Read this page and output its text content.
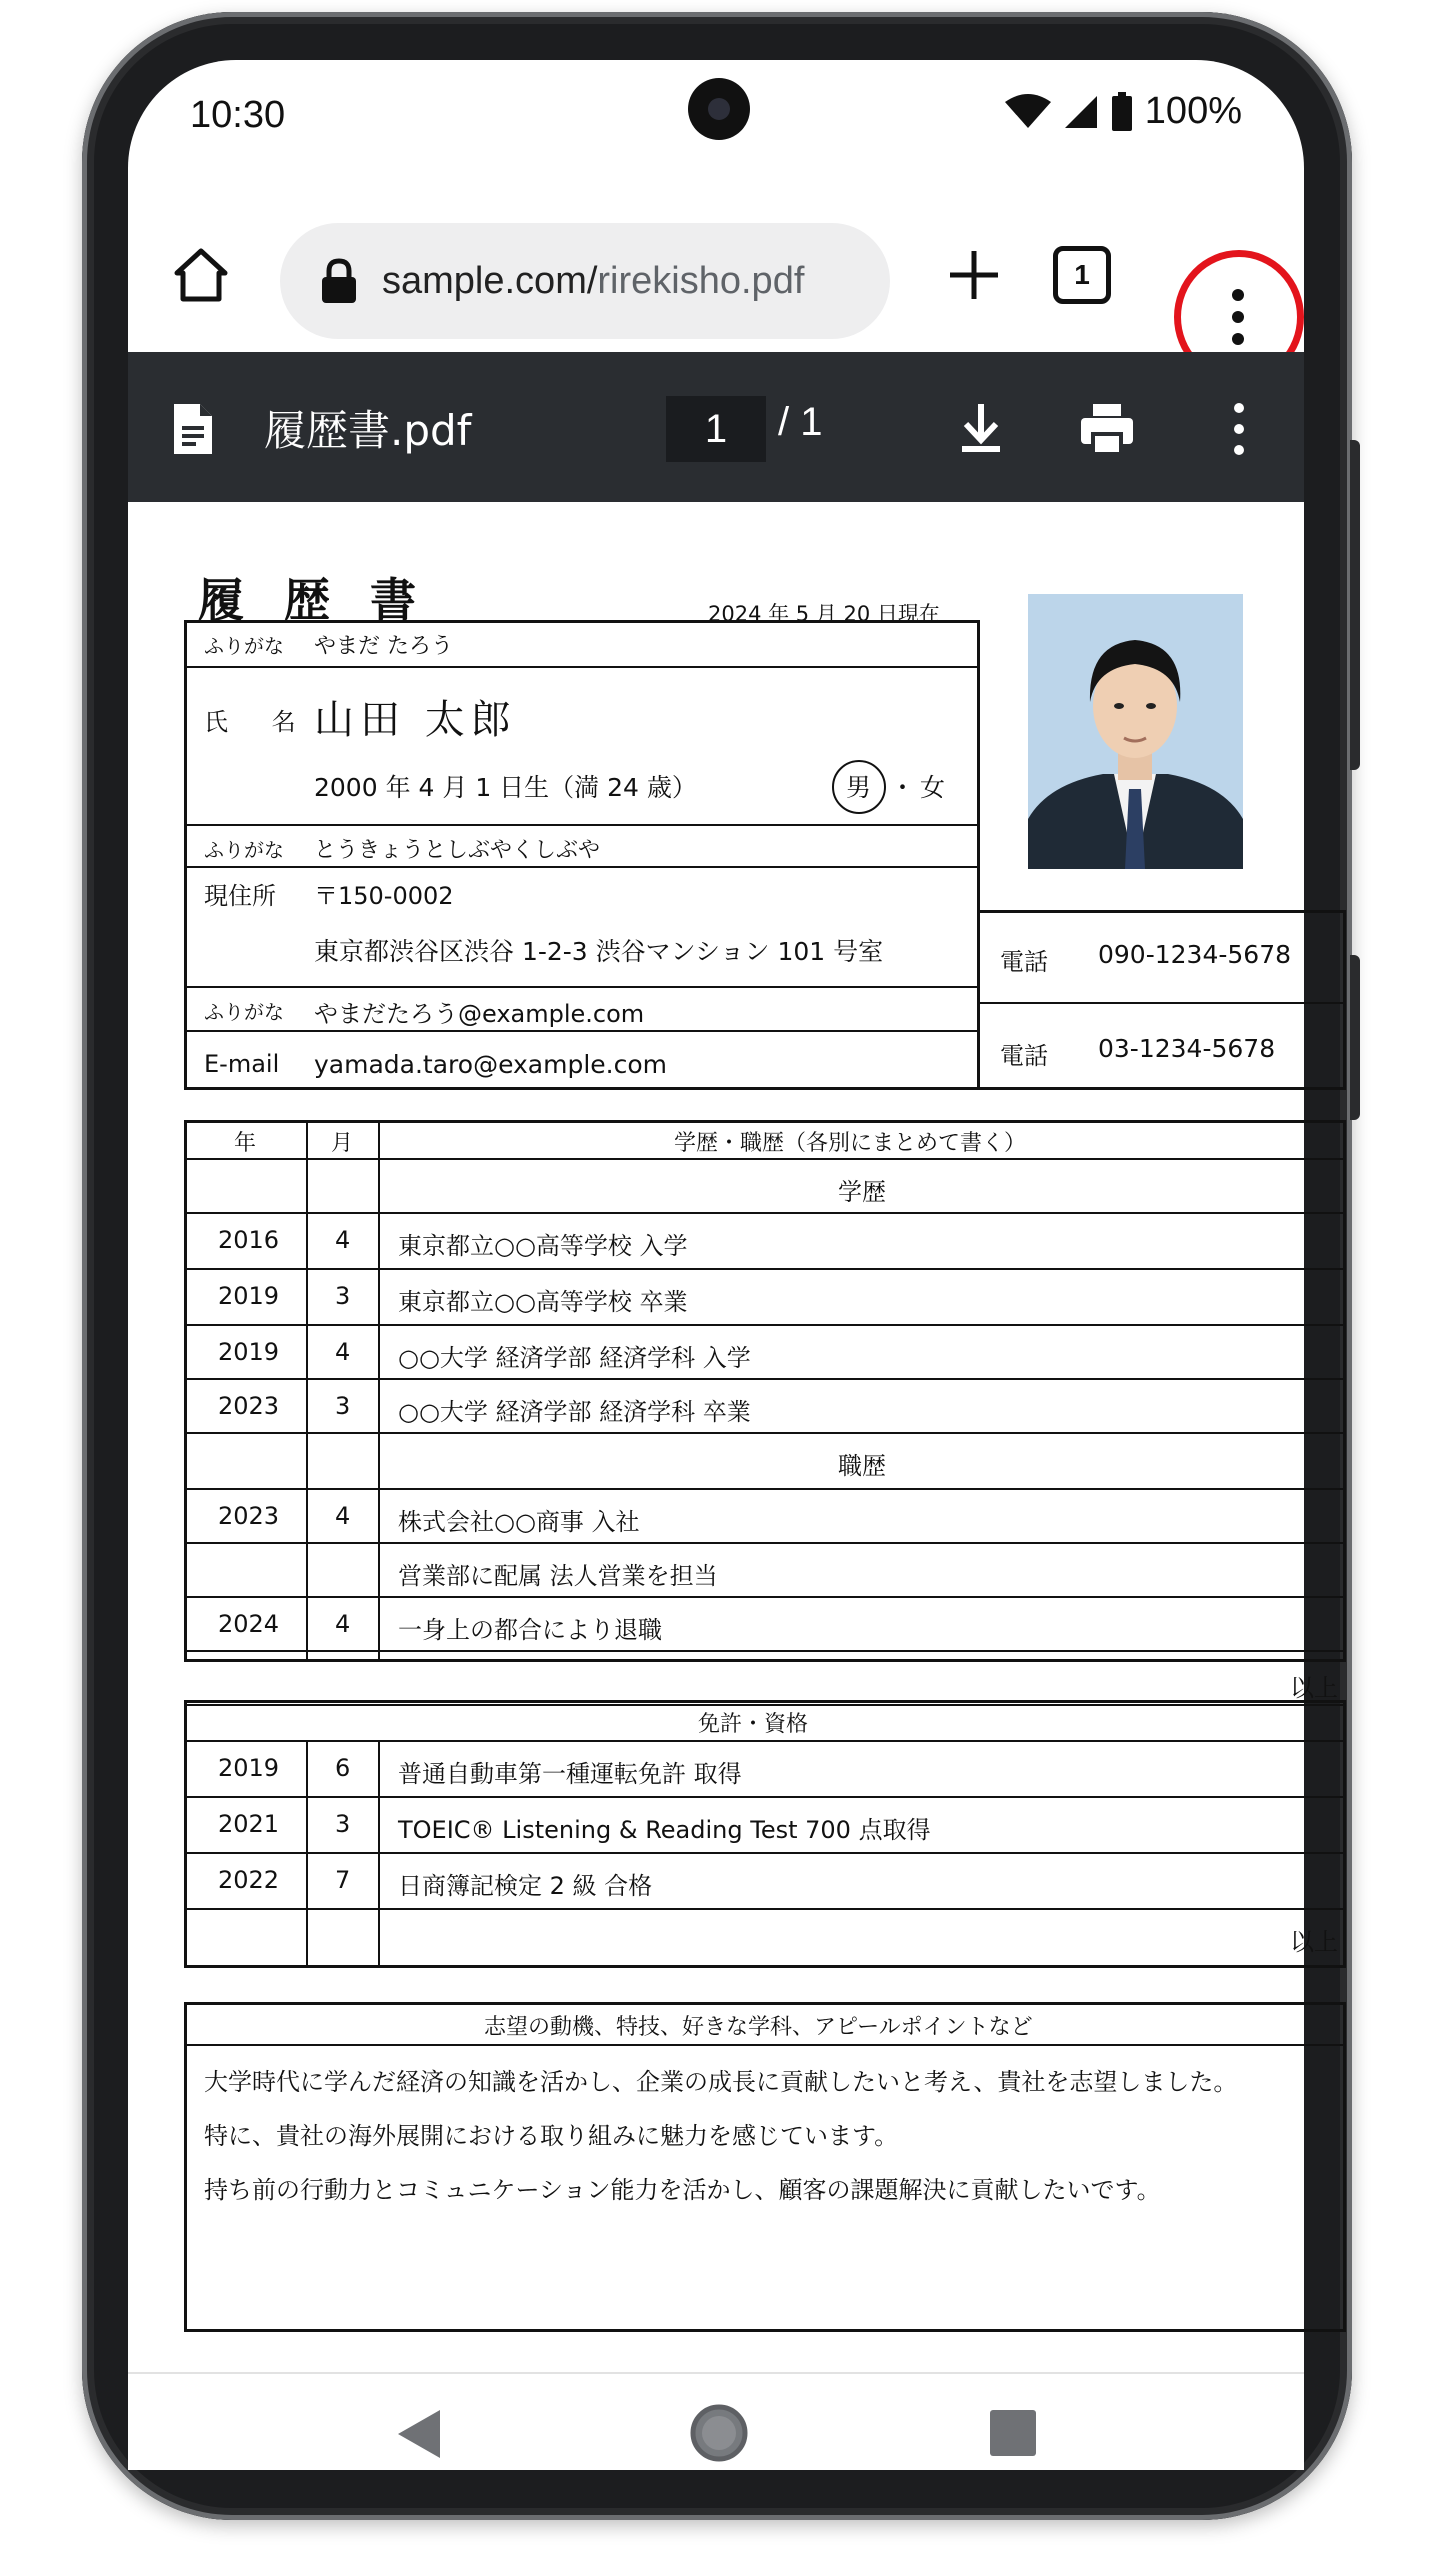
10:30	100%
sample.com/rirekisho.pdf	1
履歴書.pdf	1	/ 1
履 歴 書	2024 年 5 月 20 日現在
ふりがな やまだ たろう
氏 名 山田 太郎
2000 年 4 月 1 日生（満 24 歳）	男 ・ 女
ふりがな とうきょうとしぶやくしぶや
現住所 〒150-0002
東京都渋谷区渋谷 1-2-3 渋谷マンション 101 号室
ふりがな やまだたろう@example.com
E-mail yamada.taro@example.com
電話 090-1234-5678
電話 03-1234-5678
年	月	学歴・職歴（各別にまとめて書く）
学歴
2016 4 東京都立○○高等学校 入学
2019 3 東京都立○○高等学校 卒業
2019 4 ○○大学 経済学部 経済学科 入学
2023 3 ○○大学 経済学部 経済学科 卒業
職歴
2023 4 株式会社○○商事 入社
営業部に配属 法人営業を担当
2024 4 一身上の都合により退職
以上
免許・資格
2019 6 普通自動車第一種運転免許 取得
2021 3 TOEIC® Listening & Reading Test 700 点取得
2022 7 日商簿記検定 2 級 合格
以上
志望の動機、特技、好きな学科、アピールポイントなど
大学時代に学んだ経済の知識を活かし、企業の成長に貢献したいと考え、貴社を志望しました。
特に、貴社の海外展開における取り組みに魅力を感じています。
持ち前の行動力とコミュニケーション能力を活かし、顧客の課題解決に貢献したいです。
